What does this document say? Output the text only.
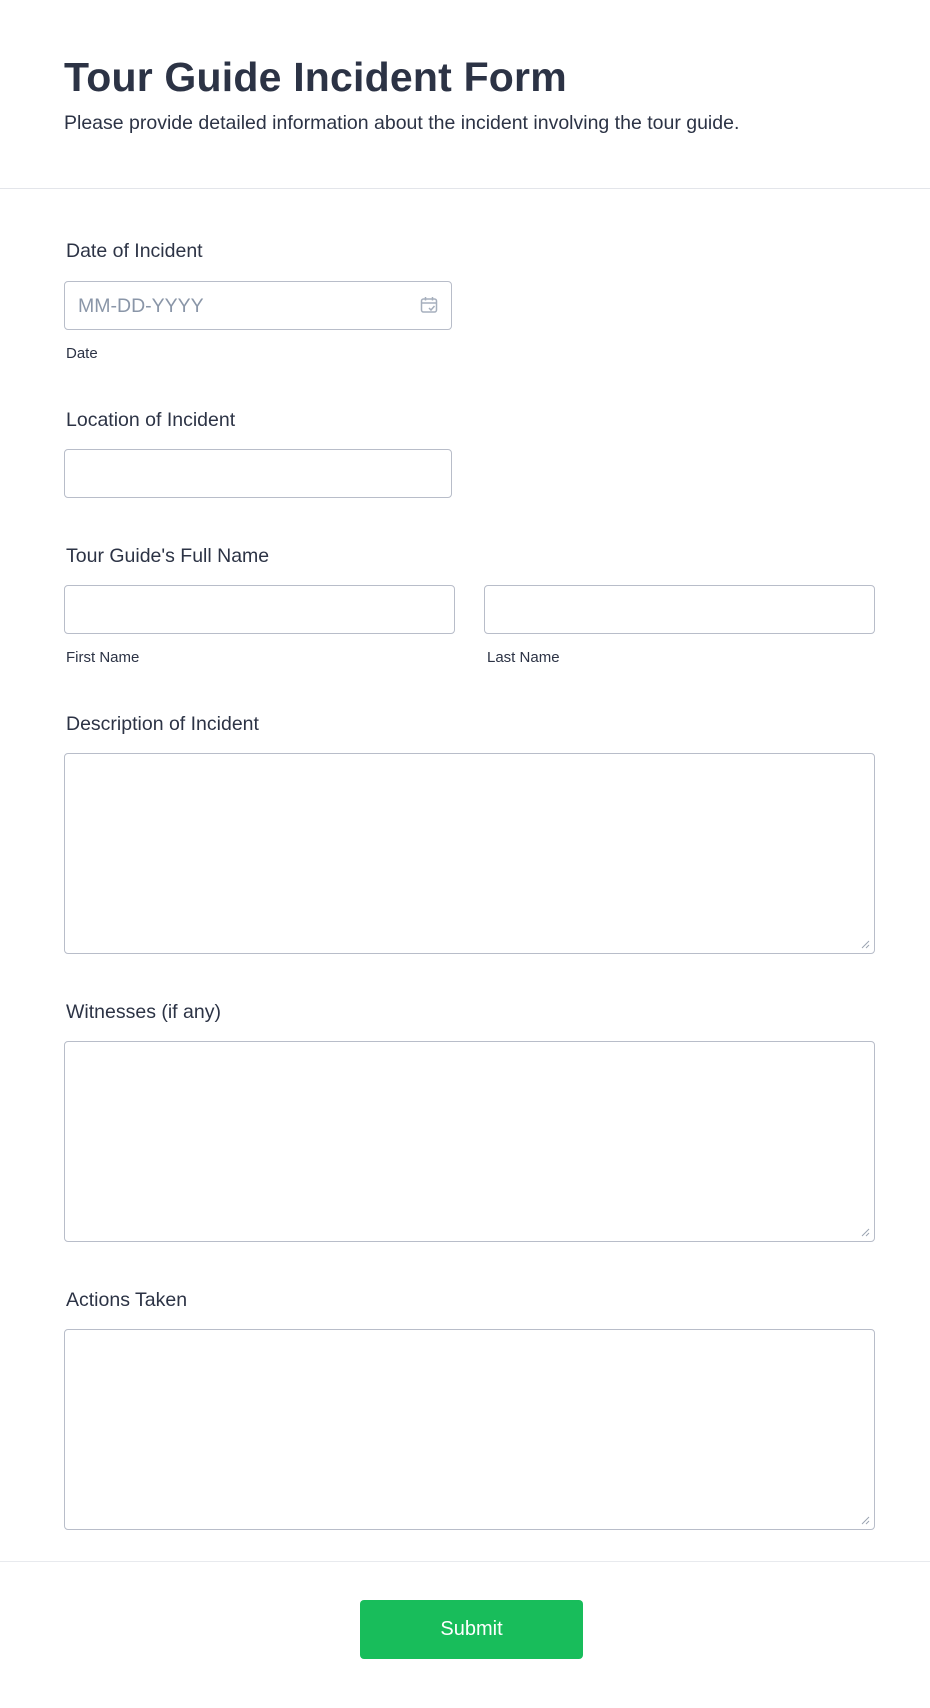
Tour Guide Incident Form

Please provide detailed information about the incident involving the tour guide.

Date of Incident
MM-DD-YYYY
Date
Location of Incident
Tour Guide's Full Name
First Name	Last Name
Description of Incident
Witnesses (if any)
Actions Taken
Submit
